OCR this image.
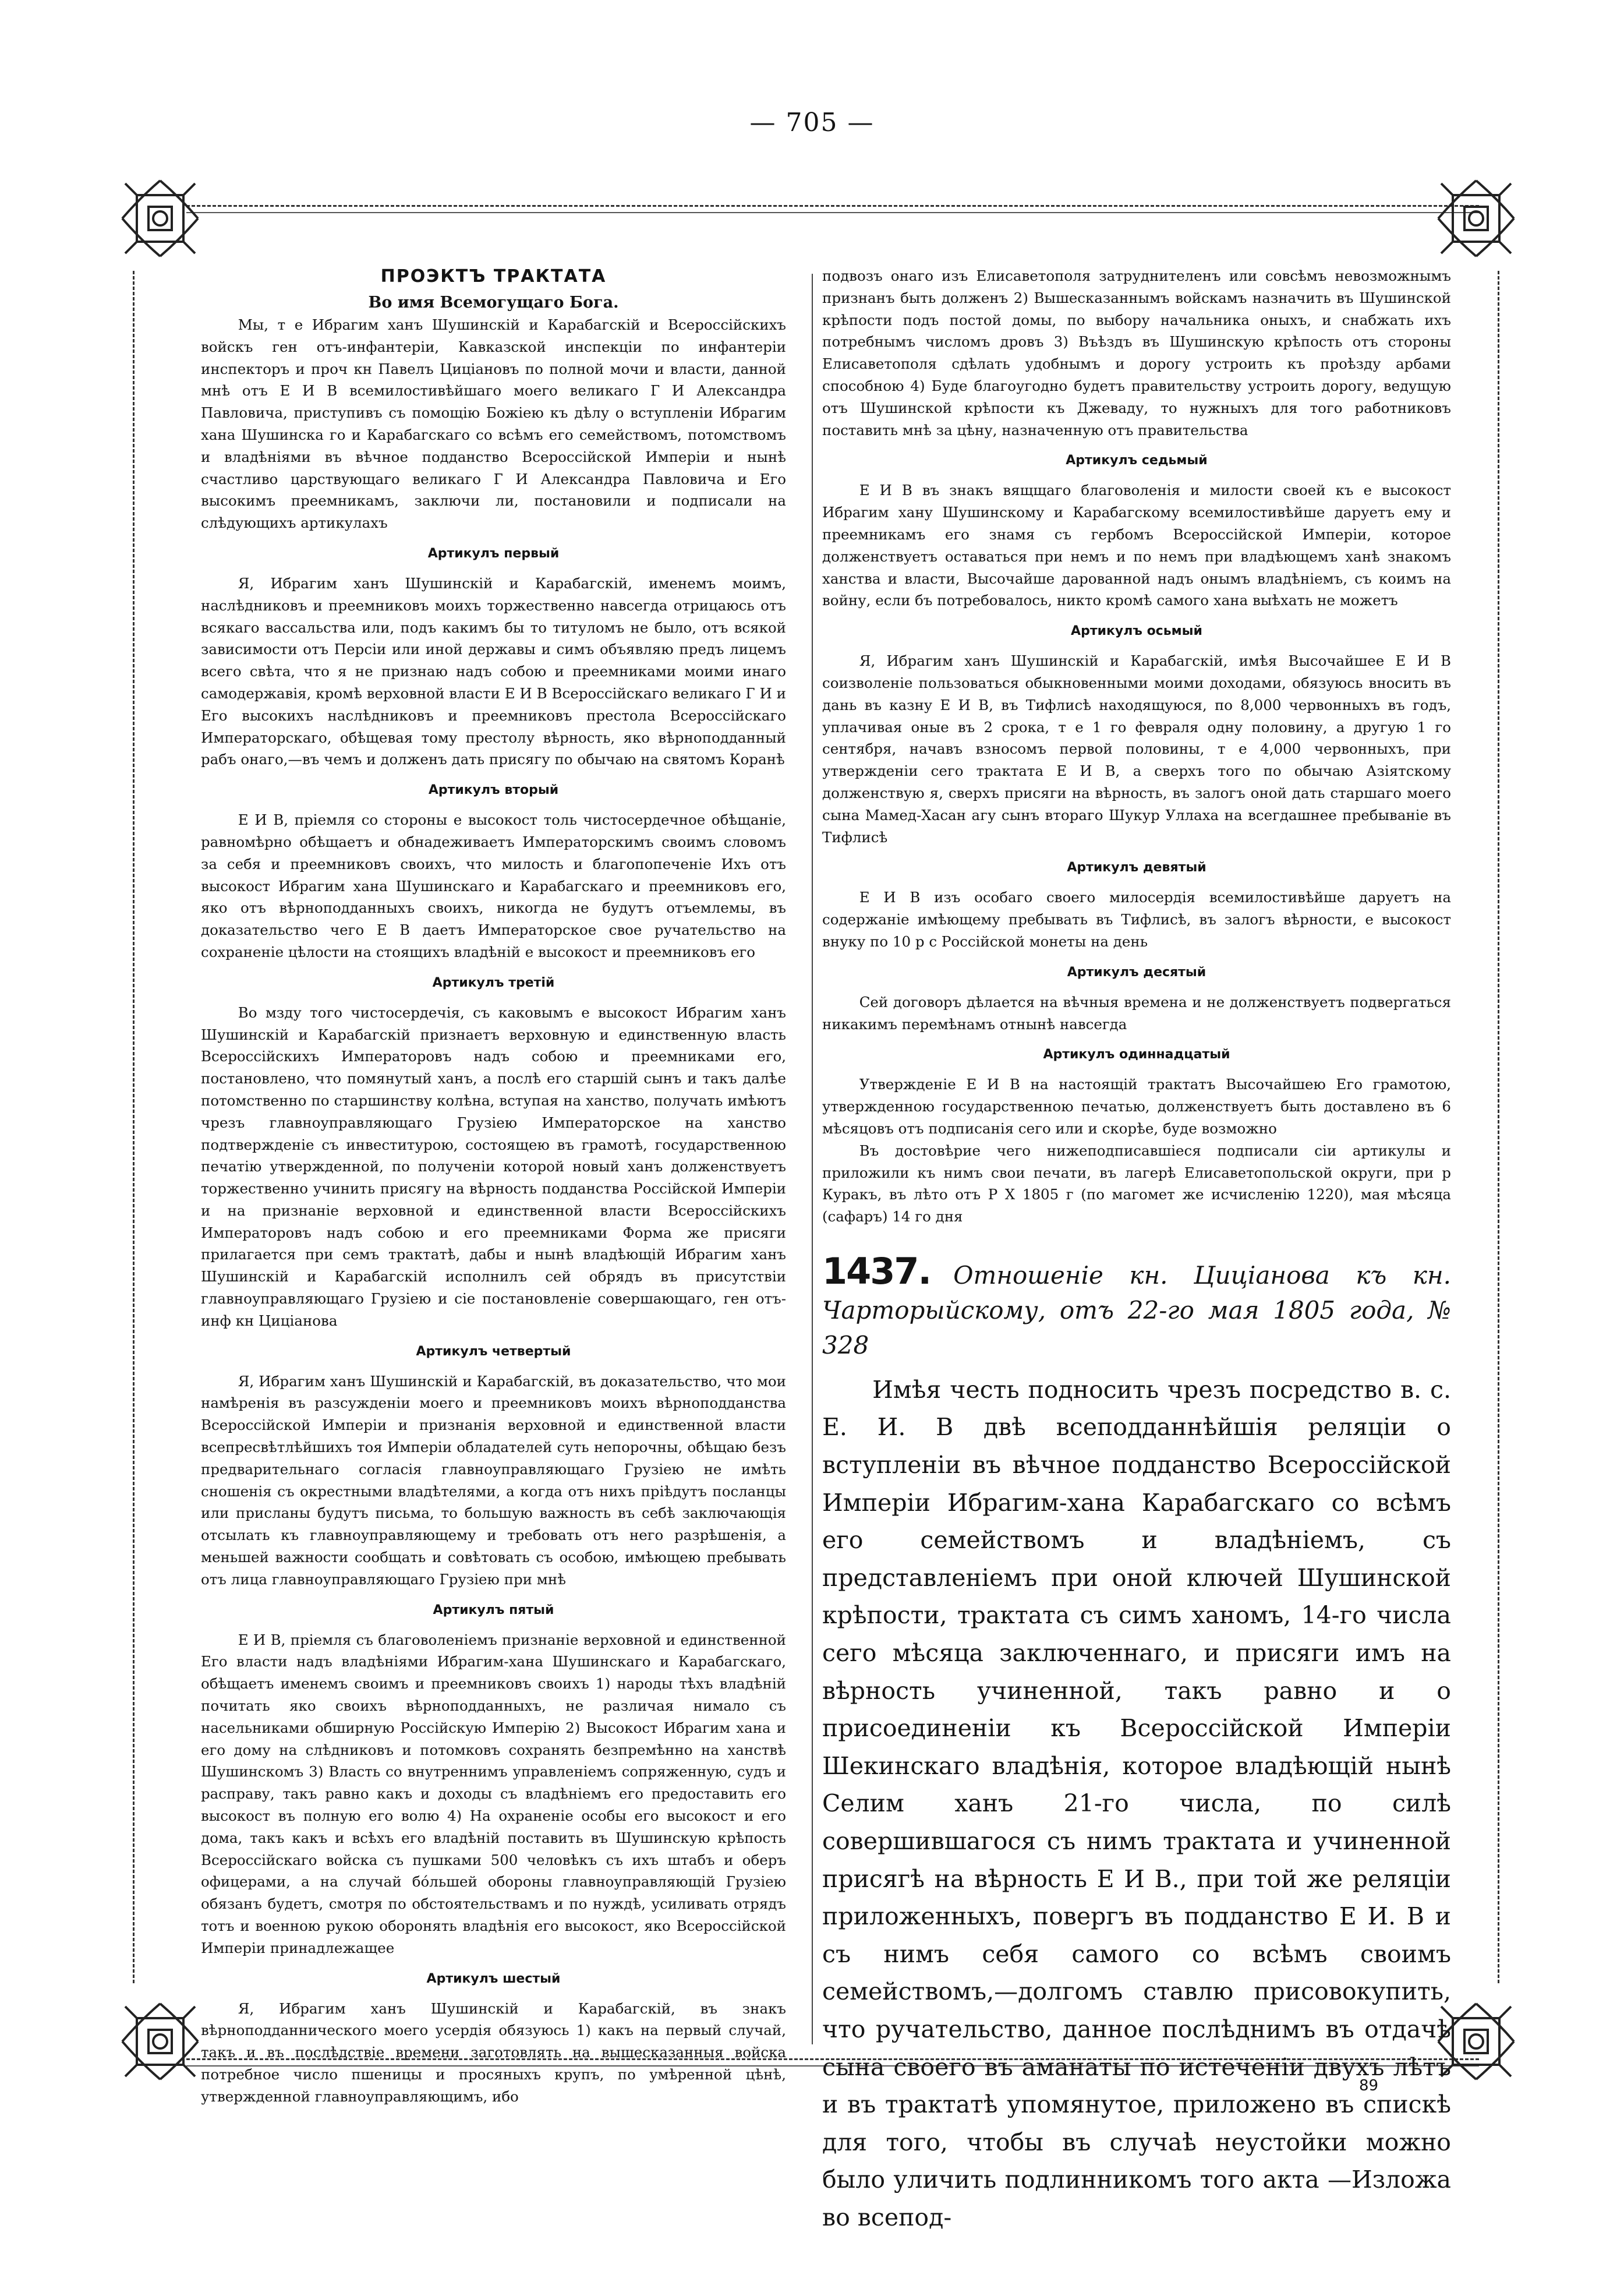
— 705 —
ПРОЭКТЪ ТРАКТАТА
Во имя Всемогущаго Бога.

Мы, т е Ибрагим ханъ Шушинскій и Карабагскій и Всероссійскихъ войскъ ген отъ-инфантеріи, Кавказской инспекціи по инфантеріи инспекторъ и проч кн Павелъ Цицiановъ по полной мочи и власти, данной мнѣ отъ Е И В всемилостивѣйшаго моего великаго Г И Александра Павловича, приступивъ съ помощію Божіею къ дѣлу о вступленіи Ибрагим хана Шушинска го и Карабагскаго со всѣмъ его семействомъ, потомствомъ и владѣніями въ вѣчное подданство Всероссійской Имперіи и нынѣ счастливо царствующаго великаго Г И Александра Павловича и Его высокимъ преемникамъ, заключи ли, постановили и подписали на слѣдующихъ артикулахъ

Артикулъ первый

Я, Ибрагим ханъ Шушинскій и Карабагскій, именемъ моимъ, наслѣдниковъ и преемниковъ моихъ торжественно навсегда отрицаюсь отъ всякаго вассальства или, подъ какимъ бы то титуломъ не было, отъ всякой зависимости отъ Персіи или иной державы и симъ объявляю предъ лицемъ всего свѣта, что я не признаю надъ собою и преемниками моими инаго самодержавія, кромѣ верховной власти Е И В Всероссійскаго великаго Г И и Его высокихъ наслѣдниковъ и преемниковъ престола Всероссійскаго Императорскаго, обѣщевая тому престолу вѣрность, яко вѣрноподданный рабъ онаго,—въ чемъ и долженъ дать присягу по обычаю на святомъ Коранѣ

Артикулъ вторый

Е И В, пріемля со стороны е высокост толь чистосердечное обѣщаніе, равномѣрно обѣщаетъ и обнадеживаетъ Императорскимъ своимъ словомъ за себя и преемниковъ своихъ, что милость и благопопеченіе Ихъ отъ высокост Ибрагим хана Шушинскаго и Карабагскаго и преемниковъ его, яко отъ вѣрноподданныхъ своихъ, никогда не будутъ отъемлемы, въ доказательство чего Е В даетъ Императорское свое ручательство на сохраненіе цѣлости на стоящихъ владѣній е высокост и преемниковъ его

Артикулъ третій

Во мзду того чистосердечія, съ каковымъ е высокост Ибрагим ханъ Шушинскій и Карабагскій признаетъ верховную и единственную власть Всероссійскихъ Императоровъ надъ собою и преемниками его, постановлено, что помянутый ханъ, а послѣ его старшій сынъ и такъ далѣе потомственно по старшинству колѣна, вступая на ханство, получать имѣютъ чрезъ главноуправляющаго Грузіею Императорское на ханство подтвержденіе съ инвеститурою, состоящею въ грамотѣ, государственною печатію утвержденной, по полученіи которой новый ханъ долженствуетъ торжественно учинить присягу на вѣрность подданства Россійской Имперіи и на признаніе верховной и единственной власти Всероссійскихъ Императоровъ надъ собою и его преемниками Форма же присяги прилагается при семъ трактатѣ, дабы и нынѣ владѣющій Ибрагим ханъ Шушинскій и Карабагскій исполнилъ сей обрядъ въ присутствіи главноуправляющаго Грузіею и сіе постановленіе совершающаго, ген отъ-инф кн Цицiанова

Артикулъ четвертый

Я, Ибрагим ханъ Шушинскій и Карабагскій, въ доказательство, что мои намѣренія въ разсужденіи моего и преемниковъ моихъ вѣрноподданства Всероссійской Имперіи и признанія верховной и единственной власти всепресвѣтлѣйшихъ тоя Имперіи обладателей суть непорочны, обѣщаю безъ предварительнаго согласія главноуправляющаго Грузіею не имѣть сношенія съ окрестными владѣтелями, а когда отъ нихъ пріѣдутъ посланцы или присланы будутъ письма, то большую важность въ себѣ заключающія отсылать къ главноуправляющему и требовать отъ него разрѣшенія, а меньшей важности сообщать и совѣтовать съ особою, имѣющею пребывать отъ лица главноуправляющаго Грузіею при мнѣ

Артикулъ пятый

Е И В, пріемля съ благоволеніемъ признаніе верховной и единственной Его власти надъ владѣніями Ибрагим-хана Шушинскаго и Карабагскаго, обѣщаетъ именемъ своимъ и преемниковъ своихъ 1) народы тѣхъ владѣній почитать яко своихъ вѣрноподданныхъ, не различая нимало съ насельниками обширную Россійскую Имперію 2) Высокост Ибрагим хана и его дому на слѣдниковъ и потомковъ сохранять безпремѣнно на ханствѣ Шушинскомъ 3) Власть со внутреннимъ управленіемъ сопряженную, судъ и расправу, такъ равно какъ и доходы съ владѣніемъ его предоставить его высокост въ полную его волю 4) На охраненіе особы его высокост и его дома, такъ какъ и всѣхъ его владѣній поставить въ Шушинскую крѣпость Всероссійскаго войска съ пушками 500 человѣкъ съ ихъ штабъ и оберъ офицерами, а на случай бóльшей обороны главноуправляющій Грузіею обязанъ будетъ, смотря по обстоятельствамъ и по нуждѣ, усиливать отрядъ тотъ и военною рукою оборонять владѣнія его высокост, яко Всероссійской Имперіи принадлежащее

Артикулъ шестый

Я, Ибрагим ханъ Шушинскій и Карабагскій, въ знакъ вѣрноподданнического моего усердія обязуюсь 1) какъ на первый случай, такъ и въ послѣдствіе времени заготовлять на вышесказанныя войска потребное число пшеницы и просяныхъ крупъ, по умѣренной цѣнѣ, утвержденной главноуправляющимъ, ибо

подвозъ онаго изъ Елисаветополя затруднителенъ или совсѣмъ невозможнымъ признанъ быть долженъ 2) Вышесказаннымъ войскамъ назначить въ Шушинской крѣпости подъ постой домы, по выбору начальника оныхъ, и снабжать ихъ потребнымъ числомъ дровъ 3) Въѣздъ въ Шушинскую крѣпость отъ стороны Елисаветополя сдѣлать удобнымъ и дорогу устроить къ проѣзду арбами способною 4) Буде благоугодно будетъ правительству устроить дорогу, ведущую отъ Шушинской крѣпости къ Джеваду, то нужныхъ для того работниковъ поставить мнѣ за цѣну, назначенную отъ правительства

Артикулъ седьмый

Е И В въ знакъ вящщаго благоволенія и милости своей къ е высокост Ибрагим хану Шушинскому и Карабагскому всемилостивѣйше даруетъ ему и преемникамъ его знамя съ гербомъ Всероссійской Имперіи, которое долженствуетъ оставаться при немъ и по немъ при владѣющемъ ханѣ знакомъ ханства и власти, Высочайше дарованной надъ онымъ владѣніемъ, съ коимъ на войну, если бъ потребовалось, никто кромѣ самого хана выѣхать не можетъ

Артикулъ осьмый

Я, Ибрагим ханъ Шушинскій и Карабагскій, имѣя Высочайшее Е И В соизволеніе пользоваться обыкновенными моими доходами, обязуюсь вносить въ дань въ казну Е И В, въ Тифлисѣ находящуюся, по 8,000 червонныхъ въ годъ, уплачивая оные въ 2 срока, т е 1 го февраля одну половину, а другую 1 го сентября, начавъ взносомъ первой половины, т е 4,000 червонныхъ, при утвержденіи сего трактата Е И В, а сверхъ того по обычаю Азіятскому долженствую я, сверхъ присяги на вѣрность, въ залогъ оной дать старшаго моего сына Мамед-Хасан агу сынъ втораго Шукур Уллаха на всегдашнее пребываніе въ Тифлисѣ

Артикулъ девятый

Е И В изъ особаго своего милосердія всемилостивѣйше даруетъ на содержаніе имѣющему пребывать въ Тифлисѣ, въ залогъ вѣрности, е высокост внуку по 10 р с Россійской монеты на день

Артикулъ десятый

Сей договоръ дѣлается на вѣчныя времена и не долженствуетъ подвергаться никакимъ перемѣнамъ отнынѣ навсегда

Артикулъ одиннадцатый

Утвержденіе Е И В на настоящій трактатъ Высочайшею Его грамотою, утвержденною государственною печатью, долженствуетъ быть доставлено въ 6 мѣсяцовъ отъ подписанія сего или и скорѣе, буде возможно

Въ достовѣрие чего нижеподписавшіеся подписали сіи артикулы и приложили къ нимъ свои печати, въ лагерѣ Елисаветопольской округи, при р Куракъ, въ лѣто отъ Р Х 1805 г (по магомет же исчисленію 1220), мая мѣсяца (сафаръ) 14 го дня

1437. Отношеніе кн. Цицiанова къ кн. Чарторыйскому, отъ 22-го мая 1805 года, № 328

Имѣя честь подносить чрезъ посредство в. с. Е. И. В двѣ всеподданнѣйшія реляціи о вступленіи въ вѣчное подданство Всероссійской Имперіи Ибрагим-хана Карабагскаго со всѣмъ его семействомъ и владѣніемъ, съ представленіемъ при оной ключей Шушинской крѣпости, трактата съ симъ ханомъ, 14-го числа сего мѣсяца заключеннаго, и присяги имъ на вѣрность учиненной, такъ равно и о присоединеніи къ Всероссійской Имперіи Шекинскаго владѣнія, которое владѣющій нынѣ Селим ханъ 21-го числа, по силѣ совершившагося съ нимъ трактата и учиненной присягѣ на вѣрность Е И В., при той же реляціи приложенныхъ, повергъ въ подданство Е И. В и съ нимъ себя самого со всѣмъ своимъ семействомъ,—долгомъ ставлю присовокупить, что ручательство, данное послѣднимъ въ отдачѣ сына своего въ аманаты по истеченіи двухъ лѣтъ и въ трактатѣ упомянутое, приложено въ спискѣ для того, чтобы въ случаѣ неустойки можно было уличить подлинникомъ того акта —Изложа во всепод-

89
